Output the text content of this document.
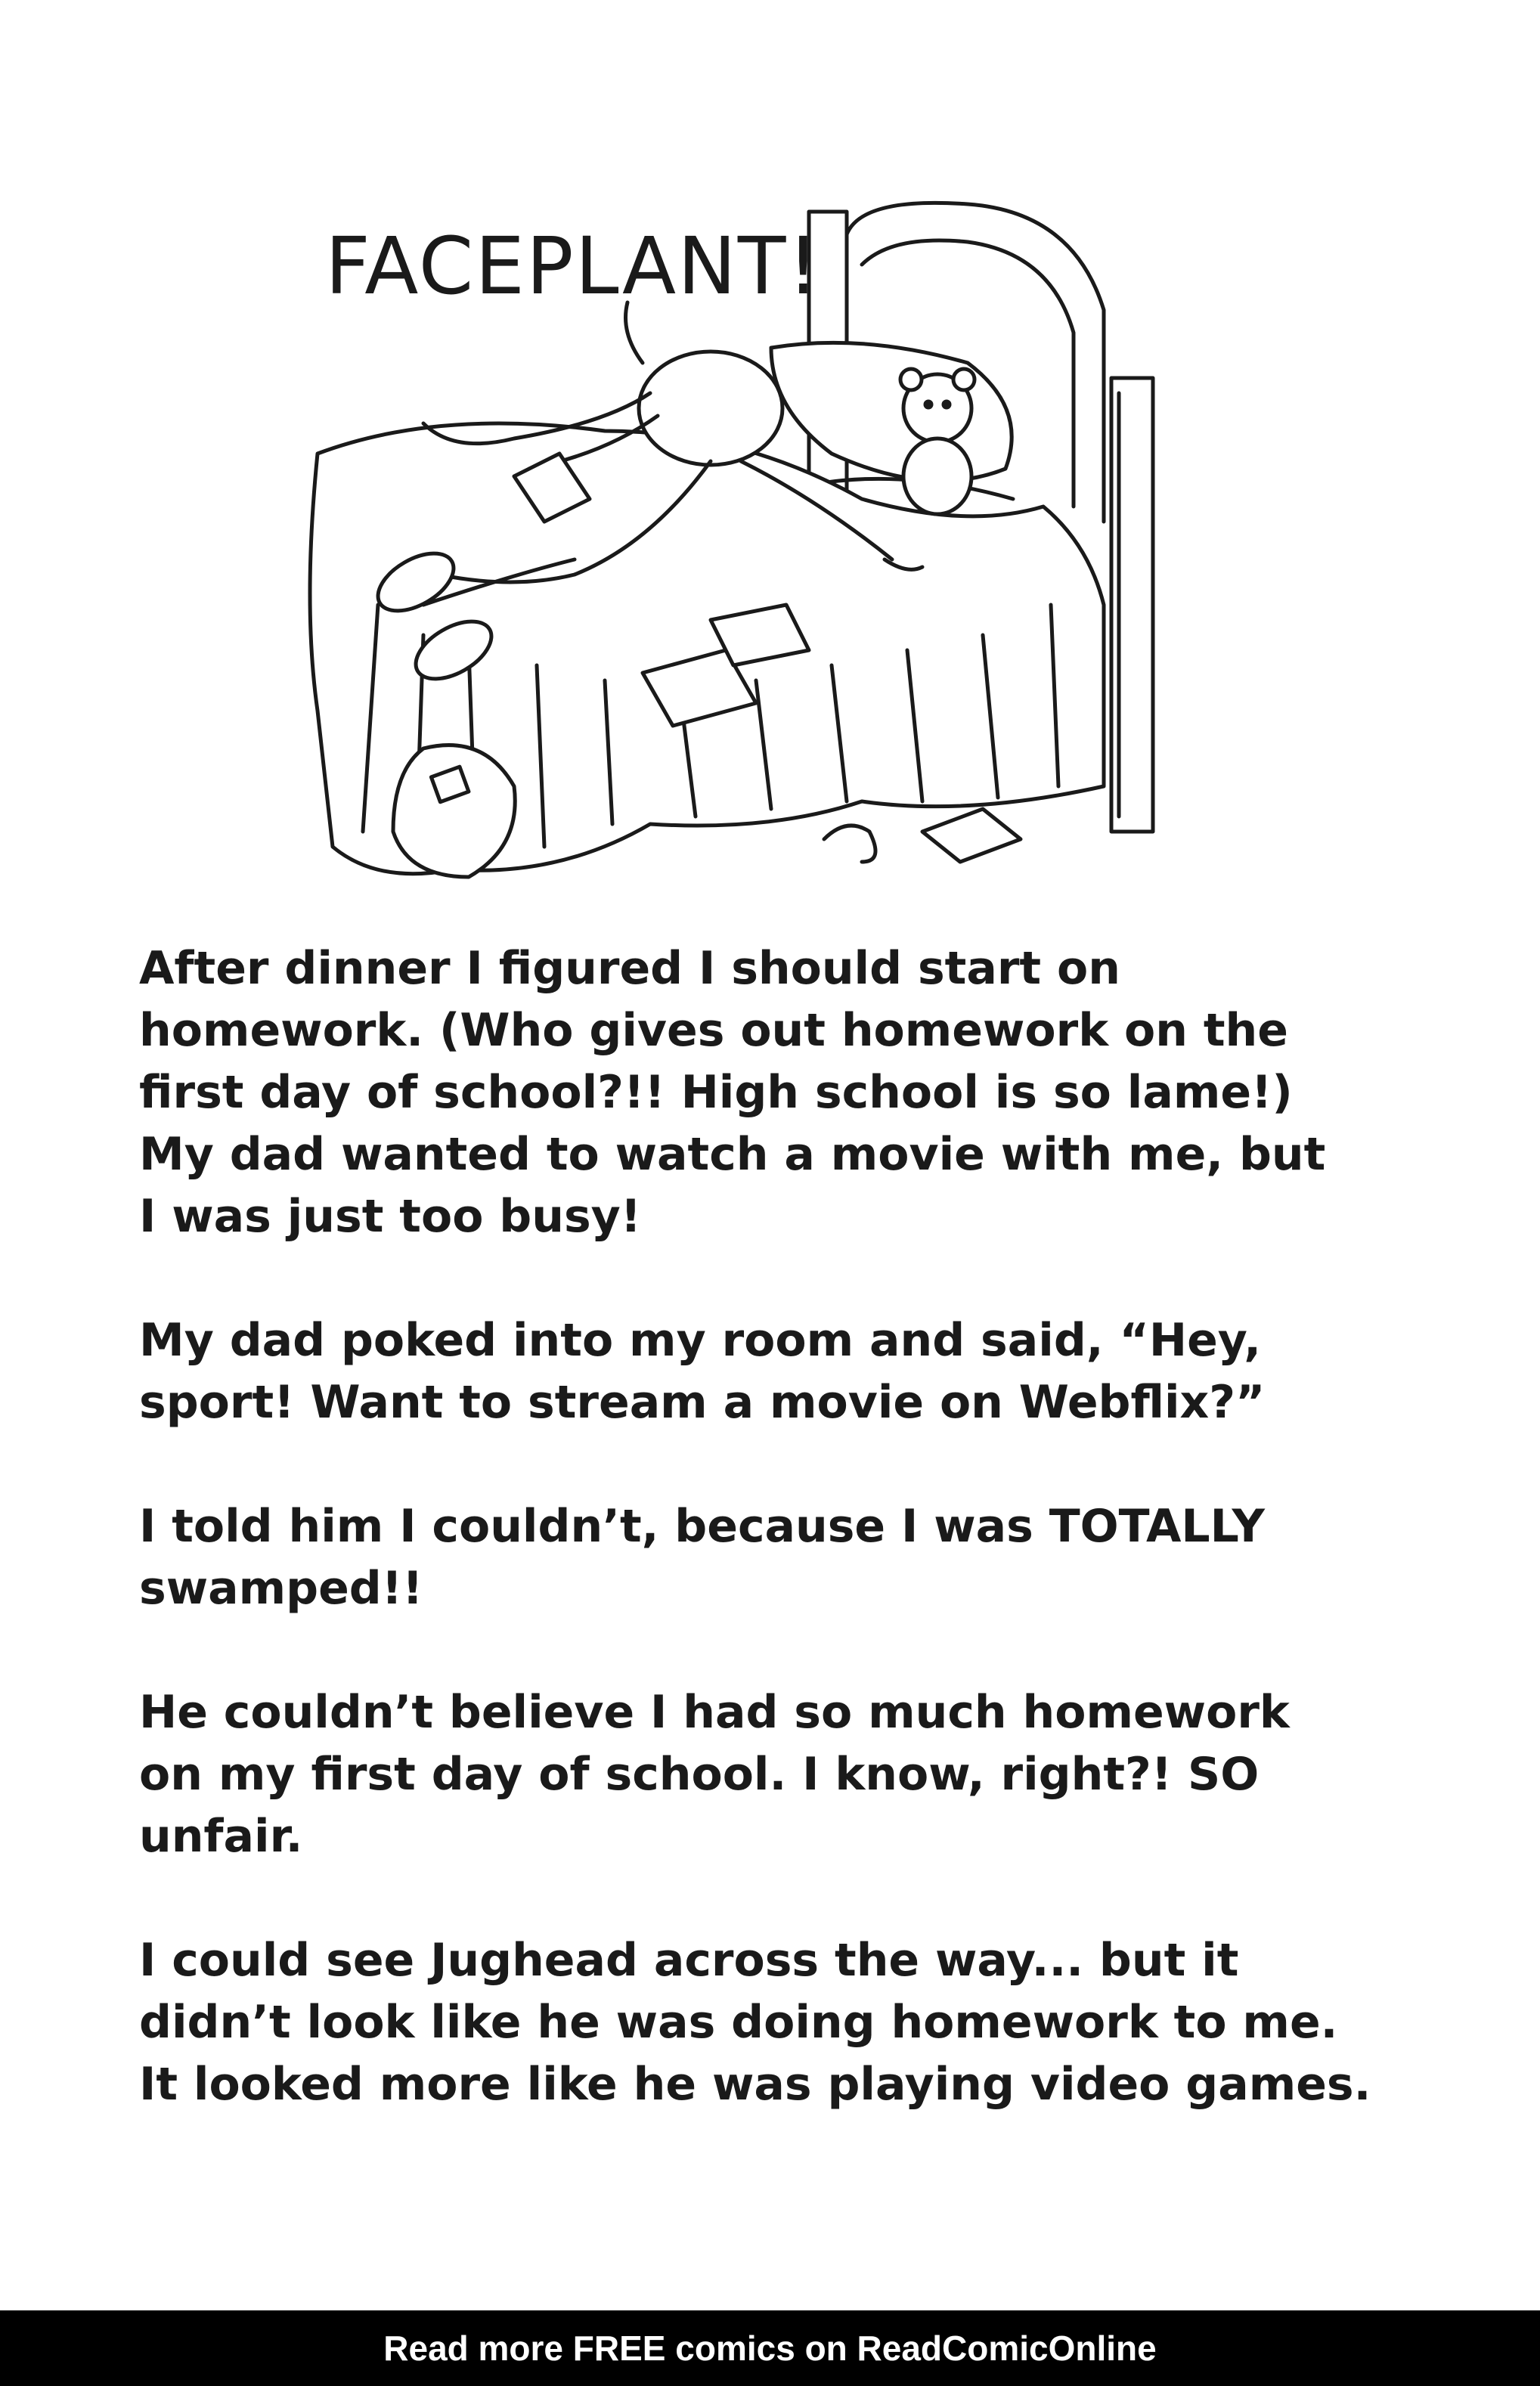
FACEPLANT!

After dinner I figured I should start on
homework. (Who gives out homework on the
first day of school?!! High school is so lame!)
My dad wanted to watch a movie with me, but
I was just too busy!

My dad poked into my room and said, “Hey,
sport! Want to stream a movie on Webflix?”

I told him I couldn’t, because I was TOTALLY
swamped!!

He couldn’t believe I had so much homework
on my first day of school. I know, right?! SO
unfair.

I could see Jughead across the way... but it
didn’t look like he was doing homework to me.
It looked more like he was playing video games.

Read more FREE comics on ReadComicOnline
